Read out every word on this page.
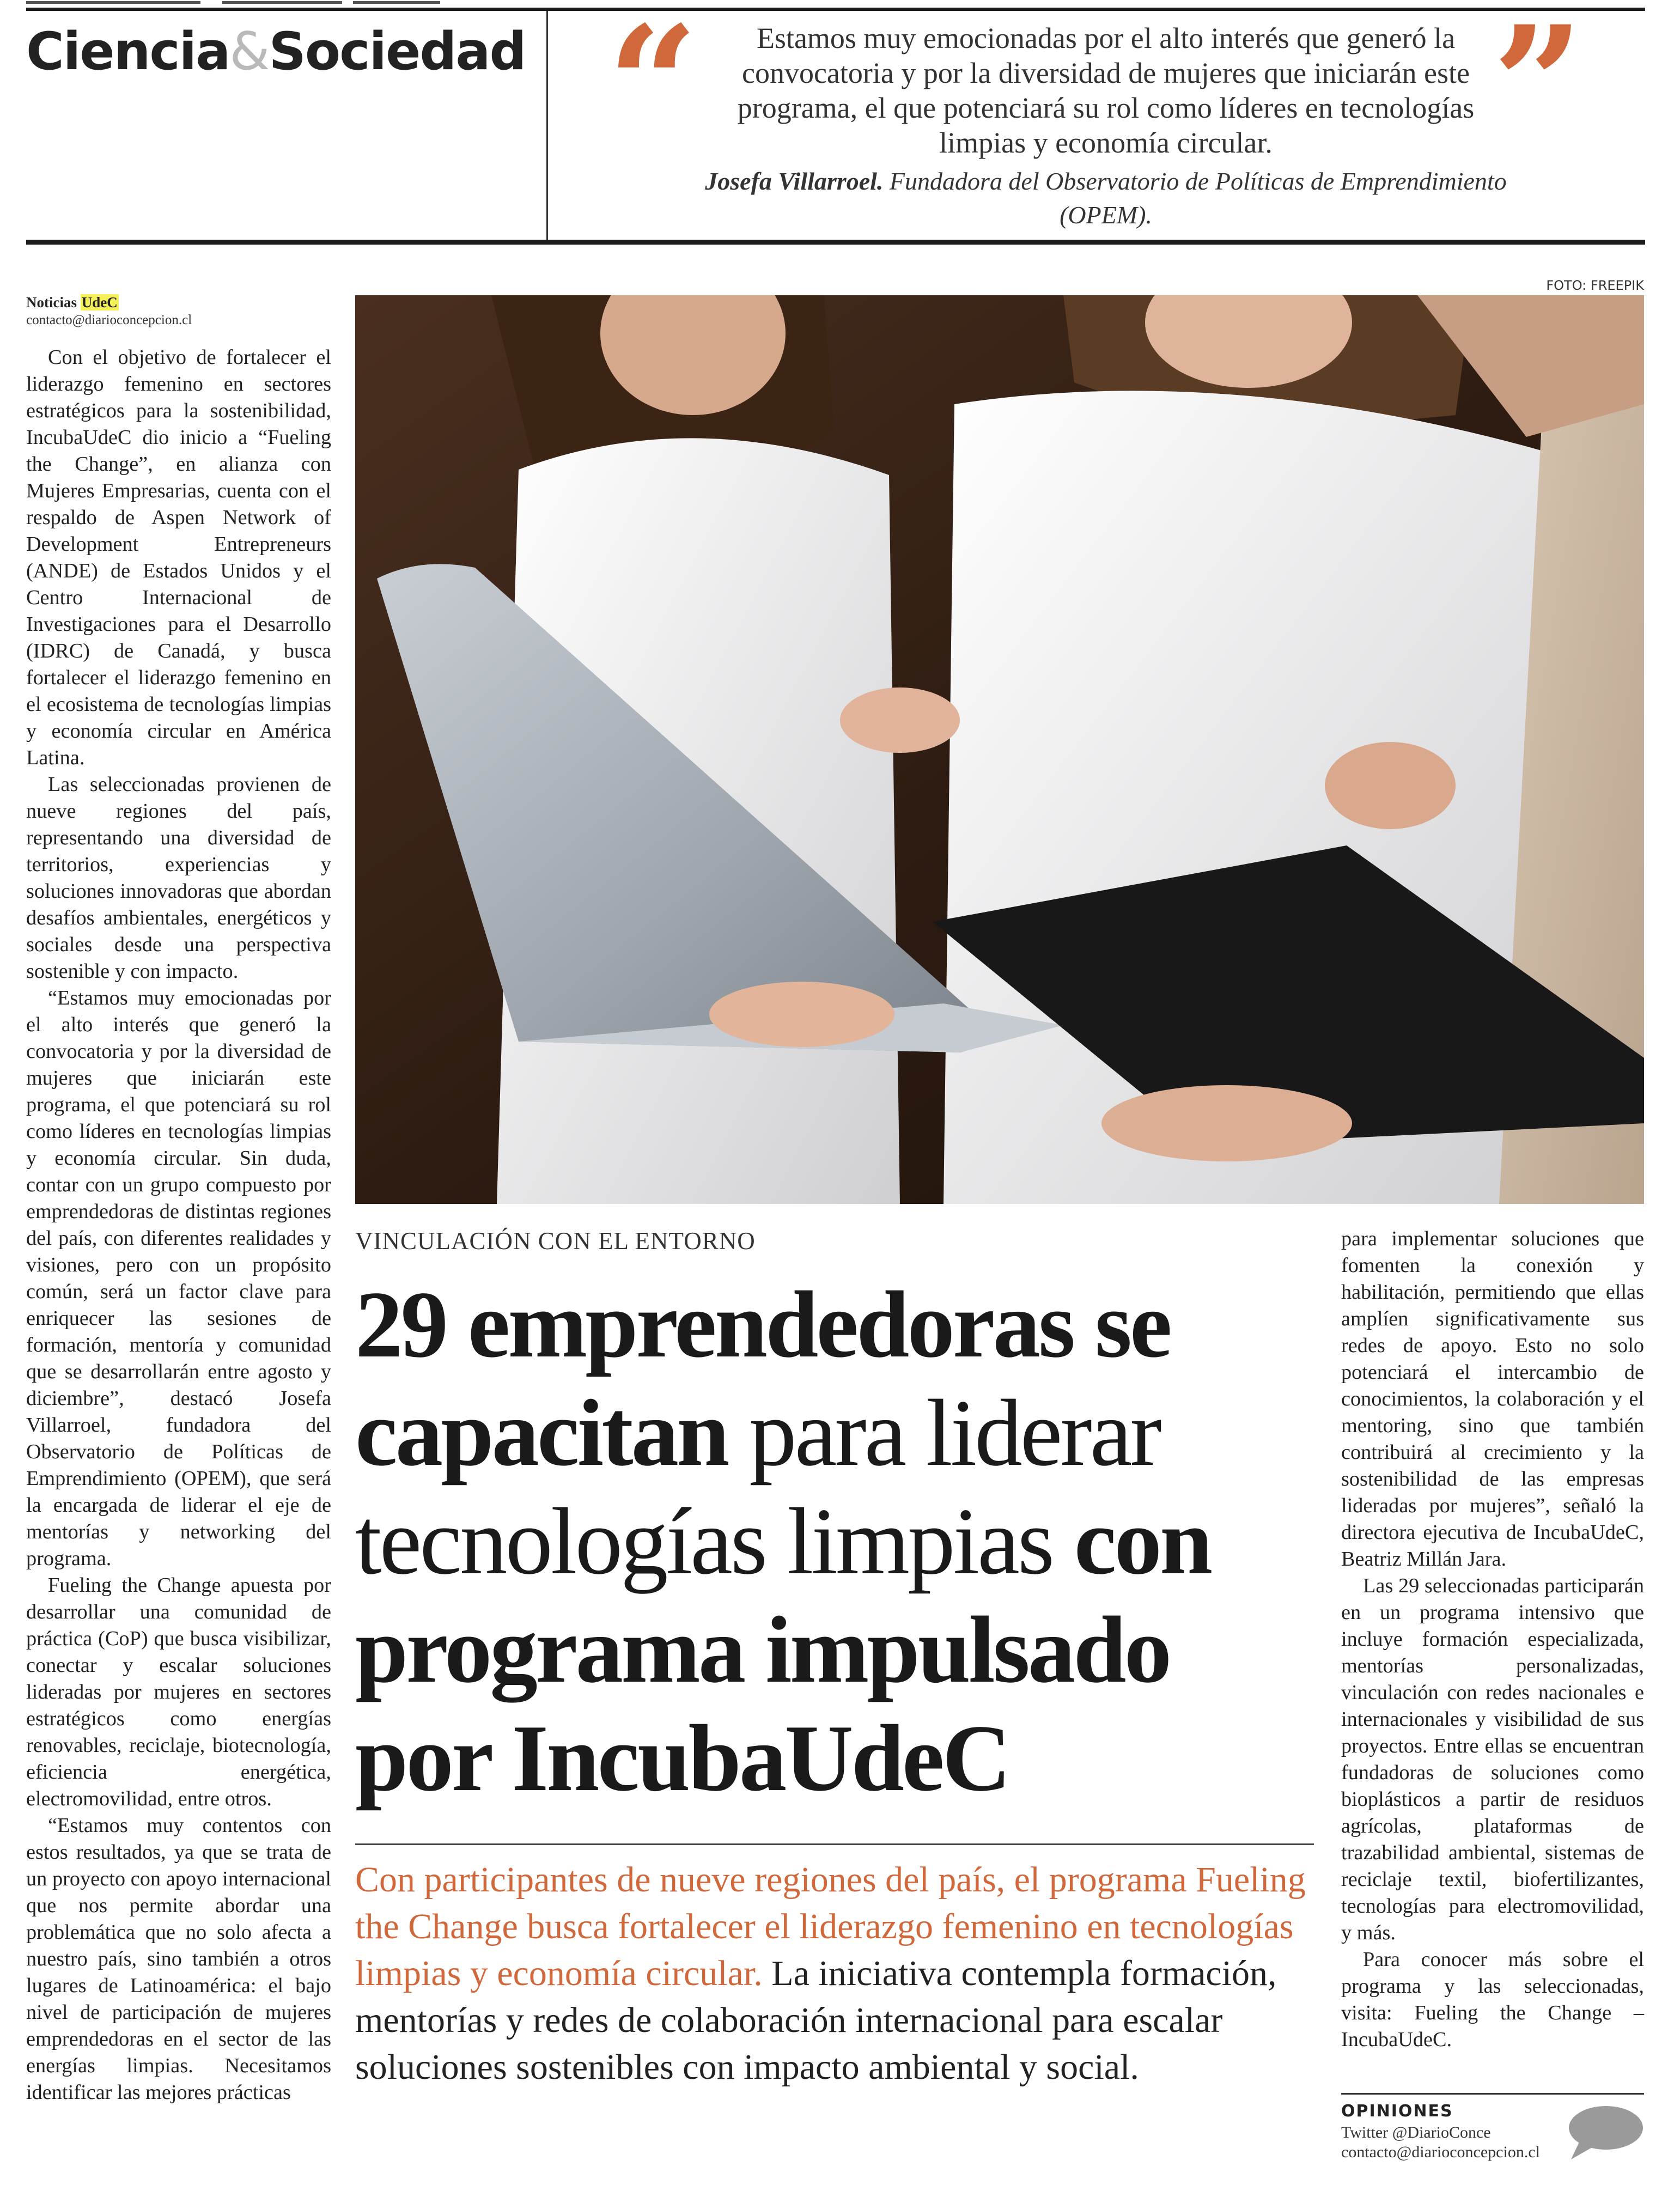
Ciencia&Sociedad “	Estamos muy emocionadas por el alto interés que generó la convocatoria y por la diversidad de mujeres que iniciarán este programa, el que potenciará su rol como líderes en tecnologías limpias y economía circular.
Josefa Villarroel. Fundadora del Observatorio de Políticas de Emprendimiento (OPEM).
”
Noticias UdeC
contacto@diarioconcepcion.cl

Con el objetivo de fortalecer el liderazgo femenino en sectores estratégicos para la sostenibilidad, IncubaUdeC dio inicio a “Fueling the Change”, en alianza con Mujeres Empresarias, cuenta con el respaldo de Aspen Network of Development Entrepreneurs (ANDE) de Estados Unidos y el Centro Internacional de Investigaciones para el Desarrollo (IDRC) de Canadá, y busca fortalecer el liderazgo femenino en el ecosistema de tecnologías limpias y economía circular en América Latina.

Las seleccionadas provienen de nueve regiones del país, representando una diversidad de territorios, experiencias y soluciones innovadoras que abordan desafíos ambientales, energéticos y sociales desde una perspectiva sostenible y con impacto.

“Estamos muy emocionadas por el alto interés que generó la convocatoria y por la diversidad de mujeres que iniciarán este programa, el que potenciará su rol como líderes en tecnologías limpias y economía circular. Sin duda, contar con un grupo compuesto por emprendedoras de distintas regiones del país, con diferentes realidades y visiones, pero con un propósito común, será un factor clave para enriquecer las sesiones de formación, mentoría y comunidad que se desarrollarán entre agosto y diciembre”, destacó Josefa Villarroel, fundadora del Observatorio de Políticas de Emprendimiento (OPEM), que será la encargada de liderar el eje de mentorías y networking del programa.

Fueling the Change apuesta por desarrollar una comunidad de práctica (CoP) que busca visibilizar, conectar y escalar soluciones lideradas por mujeres en sectores estratégicos como energías renovables, reciclaje, biotecnología, eficiencia energética, electromovilidad, entre otros.

“Estamos muy contentos con estos resultados, ya que se trata de un proyecto con apoyo internacional que nos permite abordar una problemática que no solo afecta a nuestro país, sino también a otros lugares de Latinoamérica: el bajo nivel de participación de mujeres emprendedoras en el sector de las energías limpias. Necesitamos identificar las mejores prácticas

FOTO: FREEPIK
VINCULACIÓN CON EL ENTORNO
29 emprendedoras se
capacitan para liderar
tecnologías limpias con
programa impulsado
por IncubaUdeC
Con participantes de nueve regiones del país, el programa Fueling the Change busca fortalecer el liderazgo femenino en tecnologías limpias y economía circular. La iniciativa contempla formación, mentorías y redes de colaboración internacional para escalar soluciones sostenibles con impacto ambiental y social.

para implementar soluciones que fomenten la conexión y habilitación, permitiendo que ellas amplíen significativamente sus redes de apoyo. Esto no solo potenciará el intercambio de conocimientos, la colaboración y el mentoring, sino que también contribuirá al crecimiento y la sostenibilidad de las empresas lideradas por mujeres”, señaló la directora ejecutiva de IncubaUdeC, Beatriz Millán Jara.

Las 29 seleccionadas participarán en un programa intensivo que incluye formación especializada, mentorías personalizadas, vinculación con redes nacionales e internacionales y visibilidad de sus proyectos. Entre ellas se encuentran fundadoras de soluciones como bioplásticos a partir de residuos agrícolas, plataformas de trazabilidad ambiental, sistemas de reciclaje textil, biofertilizantes, tecnologías para electromovilidad, y más.

Para conocer más sobre el programa y las seleccionadas, visita: Fueling the Change – IncubaUdeC.

OPINIONES
Twitter @DiarioConce
contacto@diarioconcepcion.cl
